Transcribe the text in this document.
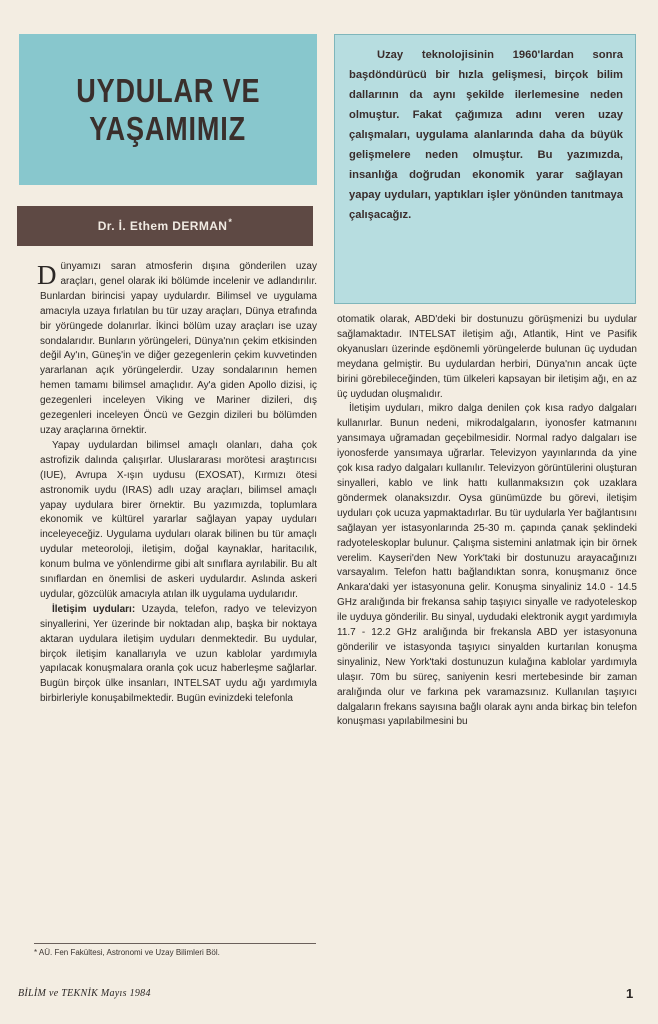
UYDULAR VE
YAŞAMIMIZ
Dr. İ. Ethem DERMAN *

Uzay teknolojisinin 1960'lardan sonra başdöndürücü bir hızla gelişmesi, birçok bilim dallarının da aynı şekilde ilerlemesine neden olmuştur. Fakat çağımıza adını veren uzay çalışmaları, uygulama alanlarında daha da büyük gelişmelere neden olmuştur. Bu yazımızda, insanlığa doğrudan ekonomik yarar sağlayan yapay uyduları, yaptıkları işler yönünden tanıtmaya çalışacağız.

Dünyamızı saran atmosferin dışına gönderilen uzay araçları, genel olarak iki bölümde incelenir ve adlandırılır. Bunlardan birincisi yapay uydulardır. Bilimsel ve uygulama amacıyla uzaya fırlatılan bu tür uzay araçları, Dünya etrafında bir yörüngede dolanırlar. İkinci bölüm uzay araçları ise uzay sondalarıdır. Bunların yörüngeleri, Dünya'nın çekim etkisinden değil Ay'ın, Güneş'in ve diğer gezegenlerin çekim kuvvetinden yararlanan açık yörüngelerdir. Uzay sondalarının hemen hemen tamamı bilimsel amaçlıdır. Ay'a giden Apollo dizisi, iç gezegenleri inceleyen Viking ve Mariner dizileri, dış gezegenleri inceleyen Öncü ve Gezgin dizileri bu bölümden uzay araçlarına örnektir.

Yapay uydulardan bilimsel amaçlı olanları, daha çok astrofizik dalında çalışırlar. Uluslararası morötesi araştırıcısı (IUE), Avrupa X-ışın uydusu (EXOSAT), Kırmızı ötesi astronomik uydu (IRAS) adlı uzay araçları, bilimsel amaçlı yapay uydulara birer örnektir. Bu yazımızda, toplumlara ekonomik ve kültürel yararlar sağlayan yapay uyduları inceleyeceğiz. Uygulama uyduları olarak bilinen bu tür amaçlı uydular meteoroloji, iletişim, doğal kaynaklar, haritacılık, konum bulma ve yönlendirme gibi alt sınıflara ayrılabilir. Bu alt sınıflardan en önemlisi de askeri uydulardır. Aslında askeri uydular, gözcülük amacıyla atılan ilk uygulama uydularıdır.

İletişim uyduları: Uzayda, telefon, radyo ve televizyon sinyallerini, Yer üzerinde bir noktadan alıp, başka bir noktaya aktaran uydulara iletişim uyduları denmektedir. Bu uydular, birçok iletişim kanallarıyla ve uzun kablolar yardımıyla yapılacak konuşmalara oranla çok ucuz haberleşme sağlarlar. Bugün birçok ülke insanları, INTELSAT uydu ağı yardımıyla birbirleriyle konuşabilmektedir. Bugün evinizdeki telefonla

otomatik olarak, ABD'deki bir dostunuzu görüşmenizi bu uydular sağlamaktadır. INTELSAT iletişim ağı, Atlantik, Hint ve Pasifik okyanusları üzerinde eşdönemli yörüngelerde bulunan üç uydudan meydana gelmiştir. Bu uydulardan herbiri, Dünya'nın ancak üçte birini görebileceğinden, tüm ülkeleri kapsayan bir iletişim ağı, en az üç uydudan oluşmalıdır.

İletişim uyduları, mikro dalga denilen çok kısa radyo dalgaları kullanırlar. Bunun nedeni, mikrodalgaların, iyonosfer katmanını yansımaya uğramadan geçebilmesidir. Normal radyo dalgaları ise iyonosferde yansımaya uğrarlar. Televizyon yayınlarında da yine çok kısa radyo dalgaları kullanılır. Televizyon görüntülerini oluşturan sinyalleri, kablo ve link hattı kullanmaksızın çok uzaklara göndermek olanaksızdır. Oysa günümüzde bu görevi, iletişim uyduları çok ucuza yapmaktadırlar. Bu tür uydularla Yer bağlantısını sağlayan yer istasyonlarında 25-30 m. çapında çanak şeklindeki radyoteleskoplar bulunur. Çalışma sistemini anlatmak için bir örnek verelim. Kayseri'den New York'taki bir dostunuzu arayacağınızı varsayalım. Telefon hattı bağlandıktan sonra, konuşmanız önce Ankara'daki yer istasyonuna gelir. Konuşma sinyaliniz 14.0 - 14.5 GHz aralığında bir frekansa sahip taşıyıcı sinyalle ve radyoteleskop ile uyduya gönderilir. Bu sinyal, uydudaki elektronik aygıt yardımıyla 11.7 - 12.2 GHz aralığında bir frekansla ABD yer istasyonuna gönderilir ve istasyonda taşıyıcı sinyalden kurtarılan konuşma sinyaliniz, New York'taki dostunuzun kulağına kablolar yardımıyla ulaşır. 70m bu süreç, saniyenin kesri mertebesinde bir zaman aralığında olur ve farkına pek varamazsınız. Kullanılan taşıyıcı dalgaların frekans sayısına bağlı olarak aynı anda birkaç bin telefon konuşması yapılabilmesini bu

* AÜ. Fen Fakültesi, Astronomi ve Uzay Bilimleri Böl.
BİLİM ve TEKNİK Mayıs 1984	1
